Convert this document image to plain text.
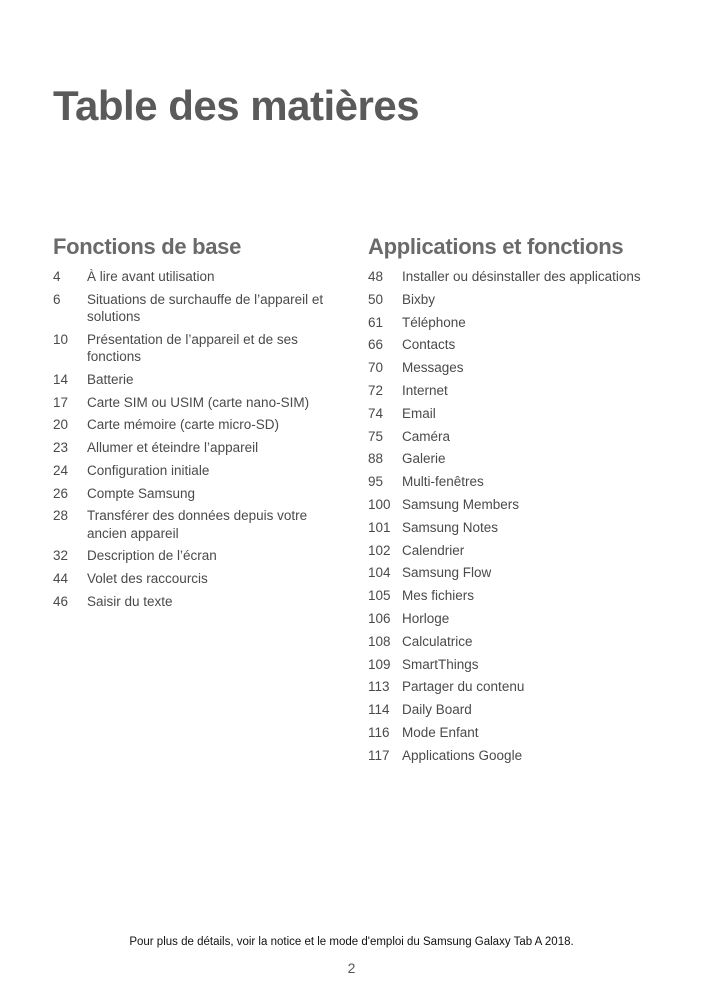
Table des matières
Fonctions de base
4	À lire avant utilisation
6	Situations de surchauffe de l’appareil et solutions
10	Présentation de l’appareil et de ses fonctions
14	Batterie
17	Carte SIM ou USIM (carte nano-SIM)
20	Carte mémoire (carte micro-SD)
23	Allumer et éteindre l’appareil
24	Configuration initiale
26	Compte Samsung
28	Transférer des données depuis votre ancien appareil
32	Description de l’écran
44	Volet des raccourcis
46	Saisir du texte
Applications et fonctions
48	Installer ou désinstaller des applications
50	Bixby
61	Téléphone
66	Contacts
70	Messages
72	Internet
74	Email
75	Caméra
88	Galerie
95	Multi-fenêtres
100 Samsung Members
101 Samsung Notes
102 Calendrier
104 Samsung Flow
105 Mes fichiers
106 Horloge
108 Calculatrice
109 SmartThings
113 Partager du contenu
114 Daily Board
116 Mode Enfant
117 Applications Google
Pour plus de détails, voir la notice et le mode d'emploi du Samsung Galaxy Tab A 2018.
2
